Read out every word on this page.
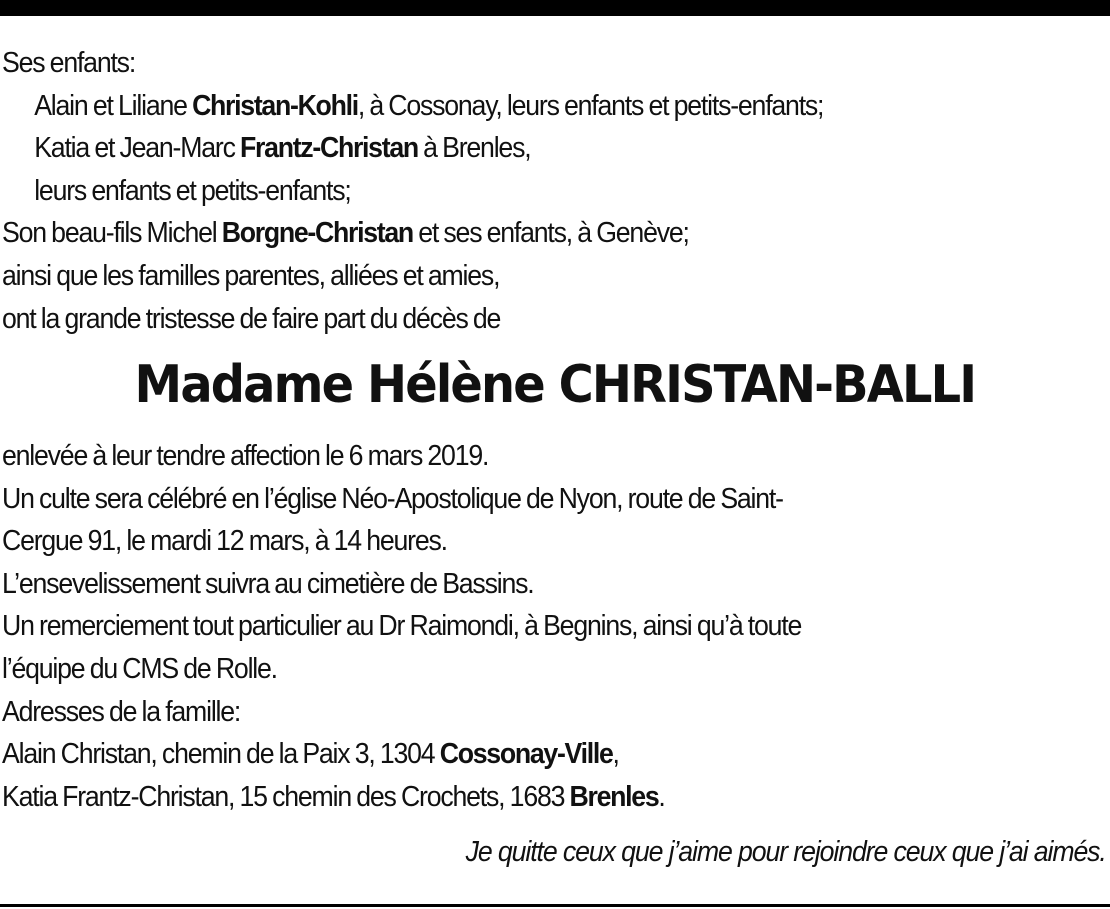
Ses enfants:
Alain et Liliane Christan-Kohli, à Cossonay, leurs enfants et petits-enfants;
Katia et Jean-Marc Frantz-Christan à Brenles,
leurs enfants et petits-enfants;
Son beau-fils Michel Borgne-Christan et ses enfants, à Genève;
ainsi que les familles parentes, alliées et amies,
ont la grande tristesse de faire part du décès de
Madame Hélène CHRISTAN-BALLI
enlevée à leur tendre affection le 6 mars 2019.
Un culte sera célébré en l’église Néo-Apostolique de Nyon, route de Saint-
Cergue 91, le mardi 12 mars, à 14 heures.
L’ensevelissement suivra au cimetière de Bassins.
Un remerciement tout particulier au Dr Raimondi, à Begnins, ainsi qu’à toute
l’équipe du CMS de Rolle.
Adresses de la famille:
Alain Christan, chemin de la Paix 3, 1304 Cossonay-Ville,
Katia Frantz-Christan, 15 chemin des Crochets, 1683 Brenles.
Je quitte ceux que j’aime pour rejoindre ceux que j’ai aimés.
